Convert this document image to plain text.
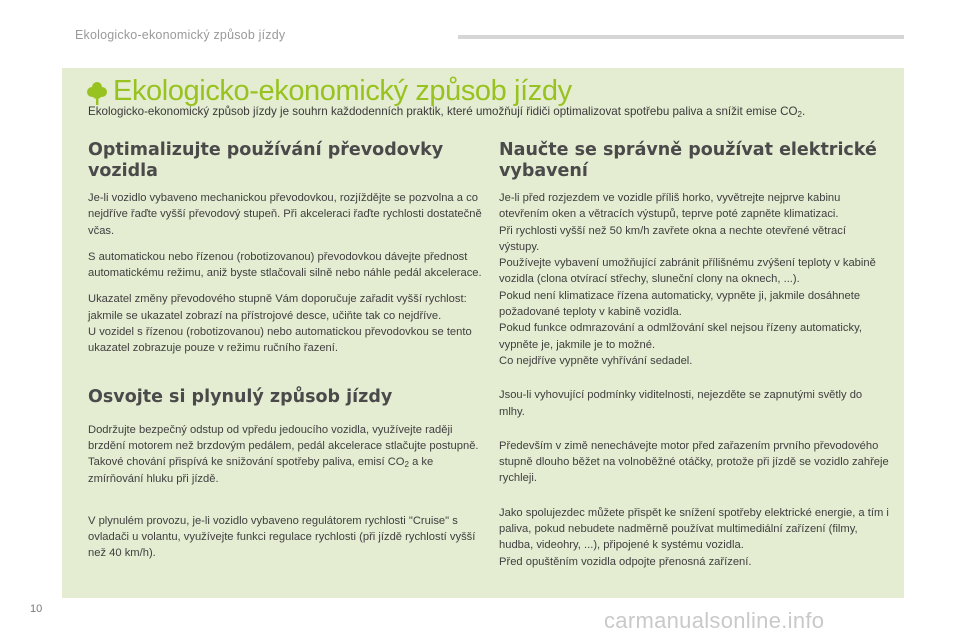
Ekologicko-ekonomický způsob jízdy
Ekologicko-ekonomický způsob jízdy
Ekologicko-ekonomický způsob jízdy je souhrn každodenních praktik, které umožňují řidiči optimalizovat spotřebu paliva a snížit emise $CO_2$.
Optimalizujte používání převodovky vozidla

Je-li vozidlo vybaveno mechanickou převodovkou, rozjíždějte se pozvolna a co nejdříve řaďte vyšší převodový stupeň. Při akceleraci řaďte rychlosti dostatečně včas.

S automatickou nebo řízenou (robotizovanou) převodovkou dávejte přednost automatickému režimu, aniž byste stlačovali silně nebo náhle pedál akcelerace.

Ukazatel změny převodového stupně Vám doporučuje zařadit vyšší rychlost: jakmile se ukazatel zobrazí na přístrojové desce, učiňte tak co nejdříve.

U vozidel s řízenou (robotizovanou) nebo automatickou převodovkou se tento ukazatel zobrazuje pouze v režimu ručního řazení.

Osvojte si plynulý způsob jízdy

Dodržujte bezpečný odstup od vpředu jedoucího vozidla, využívejte raději brzdění motorem než brzdovým pedálem, pedál akcelerace stlačujte postupně. Takové chování přispívá ke snižování spotřeby paliva, emisí $CO_2$ a ke zmírňování hluku při jízdě.

V plynulém provozu, je-li vozidlo vybaveno regulátorem rychlosti "Cruise" s ovladači u volantu, využívejte funkci regulace rychlosti (při jízdě rychlostí vyšší než 40 km/h).

Naučte se správně používat elektrické vybavení

Je-li před rozjezdem ve vozidle příliš horko, vyvětrejte nejprve kabinu otevřením oken a větracích výstupů, teprve poté zapněte klimatizaci.

Při rychlosti vyšší než 50 km/h zavřete okna a nechte otevřené větrací výstupy.

Používejte vybavení umožňující zabránit přílišnému zvýšení teploty v kabině vozidla (clona otvírací střechy, sluneční clony na oknech, ...).

Pokud není klimatizace řízena automaticky, vypněte ji, jakmile dosáhnete požadované teploty v kabině vozidla.

Pokud funkce odmrazování a odmlžování skel nejsou řízeny automaticky, vypněte je, jakmile je to možné.

Co nejdříve vypněte vyhřívání sedadel.

Jsou-li vyhovující podmínky viditelnosti, nejezděte se zapnutými světly do mlhy.

Především v zimě nenechávejte motor před zařazením prvního převodového stupně dlouho běžet na volnoběžné otáčky, protože při jízdě se vozidlo zahřeje rychleji.

Jako spolujezdec můžete přispět ke snížení spotřeby elektrické energie, a tím i paliva, pokud nebudete nadměrně používat multimediální zařízení (filmy, hudba, videohry, ...), připojené k systému vozidla.

Před opuštěním vozidla odpojte přenosná zařízení.

10	carmanualsonline.info
